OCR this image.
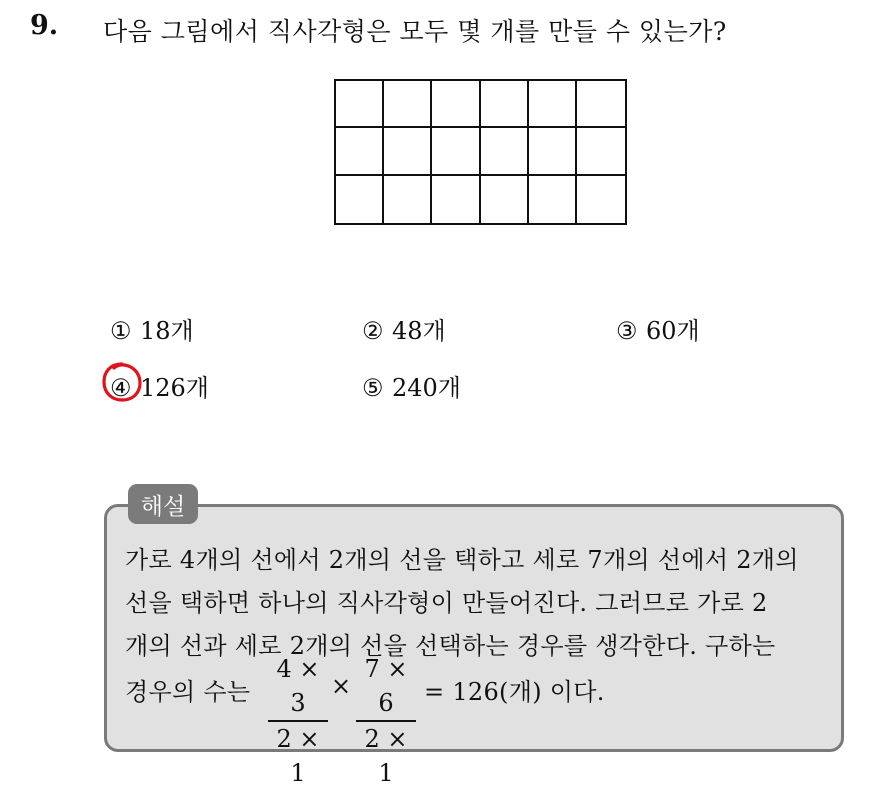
9. 다음 그림에서 직사각형은 모두 몇 개를 만들 수 있는가?
① 18개	② 48개	③ 60개
④ 126개	⑤ 240개
해설
가로 4개의 선에서 2개의 선을 택하고 세로 7개의 선에서 2개의
선을 택하면 하나의 직사각형이 만들어진다. 그러므로 가로 2
개의 선과 세로 2개의 선을 선택하는 경우를 생각한다. 구하는
경우의 수는
4 × 3
2 × 1
×
7 × 6
2 × 1
= 126(개) 이다.
